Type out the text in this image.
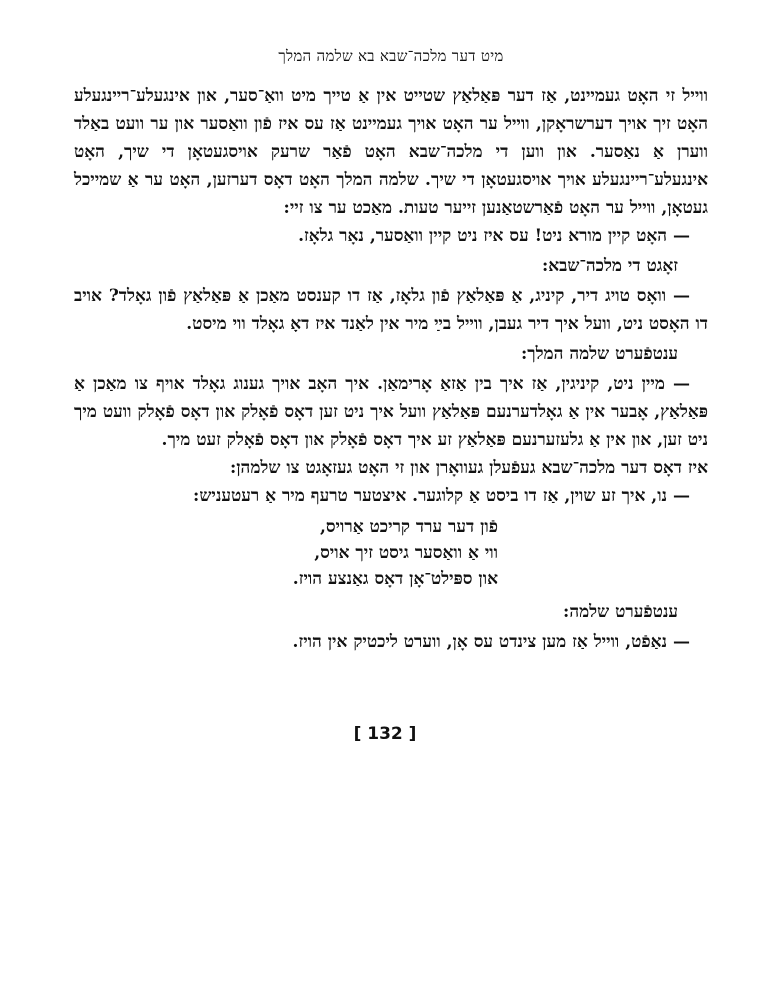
מיט דער מלכה־שבא בא שלמה המלך

ווייל זי האָט געמיינט, אַז דער פּאַלאַץ שטייט אין אַ טייך מיט וואַ־סער, און אינגעלע־ריינגעלע האָט זיך אויך דערשראָקן, ווייל ער האָט אויך געמיינט אַז עס איז פֿון וואַסער און ער וועט באַלד ווערן אַ נאַסער. און ווען די מלכה־שבא האָט פֿאַר שרעק אויסגעטאָן די שיך, האָט אינגעלע־ריינגעלע אויך אויסגעטאָן די שיך. שלמה המלך האָט דאָס דערזען, האָט ער אַ שמייכל געטאָן, ווייל ער האָט פֿאַרשטאַנען זייער טעות. מאַכט ער צו זיי:

— האָט קיין מורא ניט! עס איז ניט קיין וואַסער, נאָר גלאָז.

זאָגט די מלכה־שבא:

— וואָס טויג דיר, קיניג, אַ פּאַלאַץ פֿון גלאָז, אַז דו קענסט מאַכן אַ פּאַלאַץ פֿון גאָלד? אויב דו האָסט ניט, וועל איך דיר געבן, ווייל בײַ מיר אין לאַנד איז דאָ גאָלד ווי מיסט.

ענטפֿערט שלמה המלך:

— מיין ניט, קיניגין, אַז איך בין אַזאַ אָרימאַן. איך האָב אויך גענוג גאָלד אויף צו מאַכן אַ פּאַלאַץ, אָבער אין אַ גאָלדערנעם פּאַלאַץ וועל איך ניט זען דאָס פֿאָלק און דאָס פֿאָלק וועט מיך ניט זען, און אין אַ גלעזערנעם פּאַלאַץ זע איך דאָס פֿאָלק און דאָס פֿאָלק זעט מיך.

איז דאָס דער מלכה־שבא געפֿעלן געוואָרן און זי האָט געזאָגט צו שלמהן:

— נו, איך זע שוין, אַז דו ביסט אַ קלוגער. איצטער טרעף מיר אַ רעטעניש:

פֿון דער ערד קריכט אַרויס,
ווי אַ וואַסער גיסט זיך אויס,
און ספּילט־אָן דאָס גאַנצע הויז.
ענטפֿערט שלמה:

— נאַפֿט, ווייל אַז מען צינדט עס אָן, ווערט ליכטיק אין הויז.

[ 132 ]
